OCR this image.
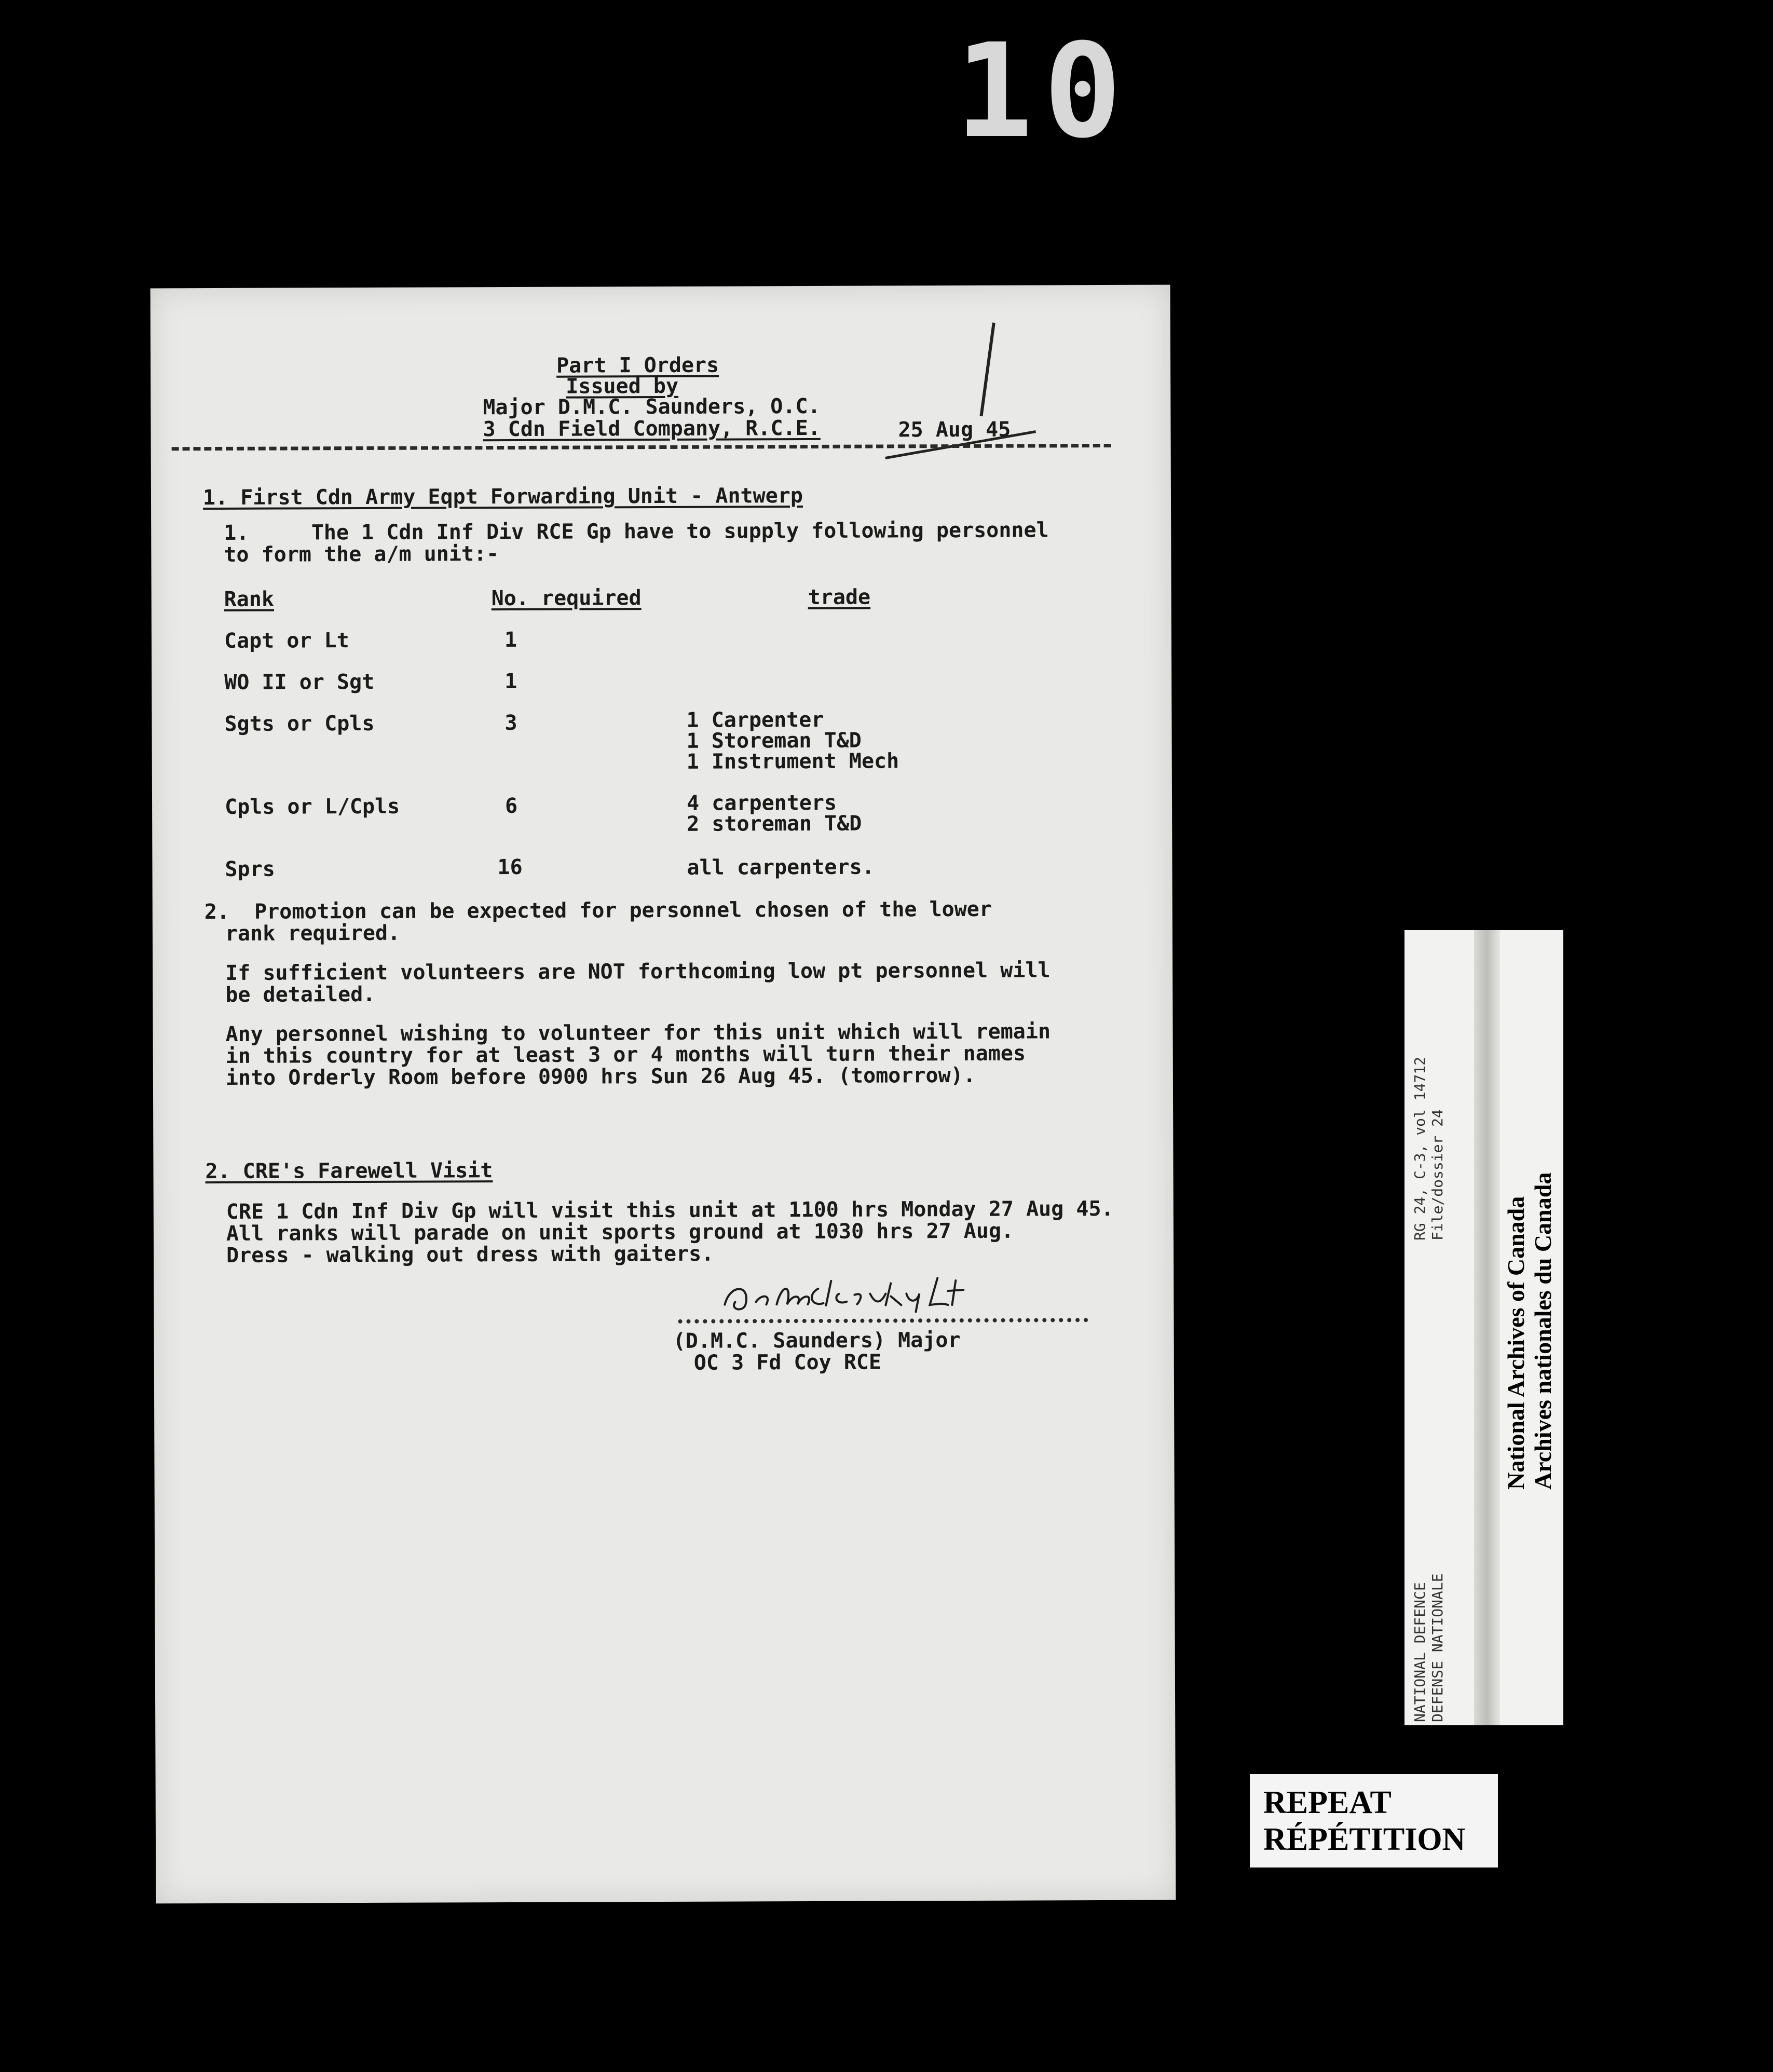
10
Part I Orders
Issued by
Major D.M.C. Saunders, O.C.
3 Cdn Field Company, R.C.E.	25 Aug 45
1. First Cdn Army Eqpt Forwarding Unit - Antwerp
1.     The 1 Cdn Inf Div RCE Gp have to supply following personnel
to form the a/m unit:-
Rank	No. required	trade
Capt or Lt	1
WO II or Sgt	1
Sgts or Cpls	3	1 Carpenter
1 Storeman T&D
1 Instrument Mech
Cpls or L/Cpls	6	4 carpenters
2 storeman T&D
Sprs	16	all carpenters.
2.  Promotion can be expected for personnel chosen of the lower
rank required.
If sufficient volunteers are NOT forthcoming low pt personnel will
be detailed.
Any personnel wishing to volunteer for this unit which will remain
in this country for at least 3 or 4 months will turn their names
into Orderly Room before 0900 hrs Sun 26 Aug 45. (tomorrow).
2. CRE's Farewell Visit
CRE 1 Cdn Inf Div Gp will visit this unit at 1100 hrs Monday 27 Aug 45.
All ranks will parade on unit sports ground at 1030 hrs 27 Aug.
Dress - walking out dress with gaiters.
(D.M.C. Saunders) Major
OC 3 Fd Coy RCE
RG 24, C-3, vol 14712 File/dossier 24
NATIONAL DEFENCE DEFENSE NATIONALE
National Archives of Canada Archives nationales du Canada
REPEAT
RÉPÉTITION
